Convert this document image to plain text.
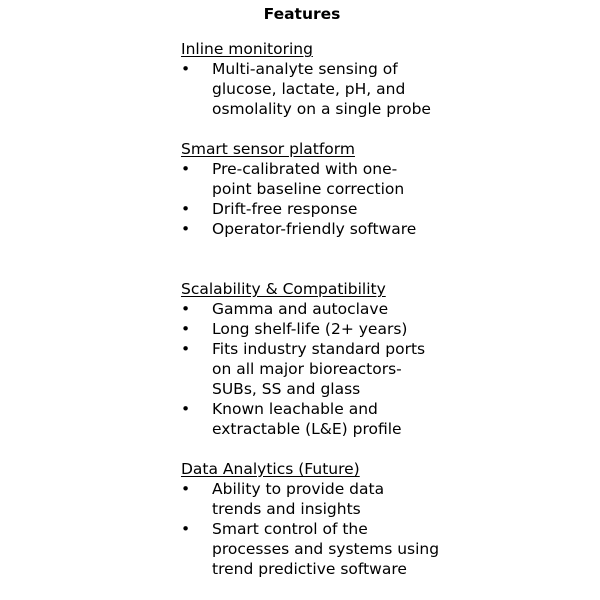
Features
Inline monitoring
• Multi-analyte sensing of
glucose, lactate, pH, and
osmolality on a single probe
Smart sensor platform
• Pre-calibrated with one-
point baseline correction
• Drift-free response
• Operator-friendly software
Scalability & Compatibility
• Gamma and autoclave
• Long shelf-life (2+ years)
• Fits industry standard ports
on all major bioreactors-
SUBs, SS and glass
• Known leachable and
extractable (L&E) profile
Data Analytics (Future)
• Ability to provide data
trends and insights
• Smart control of the
processes and systems using
trend predictive software
